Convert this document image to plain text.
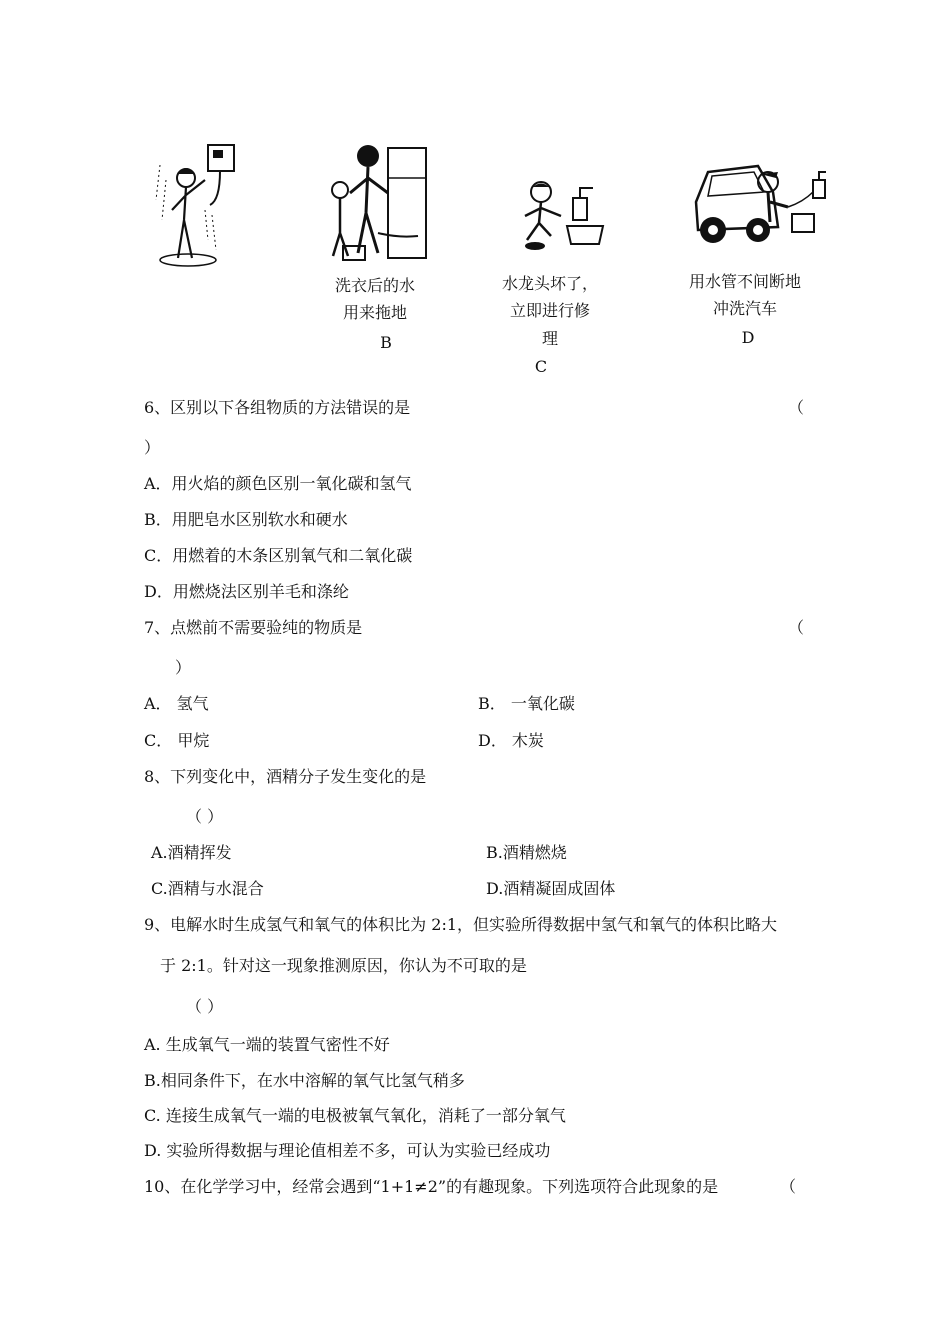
洗衣后的水
用来拖地
B
水龙头坏了，
立即进行修
理
C
用水管不间断地
冲洗汽车
D
6、区别以下各组物质的方法错误的是	（
）
A．用火焰的颜色区别一氧化碳和氢气
B．用肥皂水区别软水和硬水
C．用燃着的木条区别氧气和二氧化碳
D．用燃烧法区别羊毛和涤纶
7、点燃前不需要验纯的物质是	（
）
A． 氢气	B． 一氧化碳
C． 甲烷	D． 木炭
8、下列变化中，酒精分子发生变化的是
（ ）
A.酒精挥发	B.酒精燃烧
C.酒精与水混合	D.酒精凝固成固体
9、电解水时生成氢气和氧气的体积比为 2:1，但实验所得数据中氢气和氧气的体积比略大
于 2:1。针对这一现象推测原因，你认为不可取的是
（ ）
A. 生成氧气一端的装置气密性不好
B.相同条件下，在水中溶解的氧气比氢气稍多
C. 连接生成氧气一端的电极被氧气氧化，消耗了一部分氧气
D. 实验所得数据与理论值相差不多，可认为实验已经成功
10、在化学学习中，经常会遇到“1+1≠2”的有趣现象。下列选项符合此现象的是	（
